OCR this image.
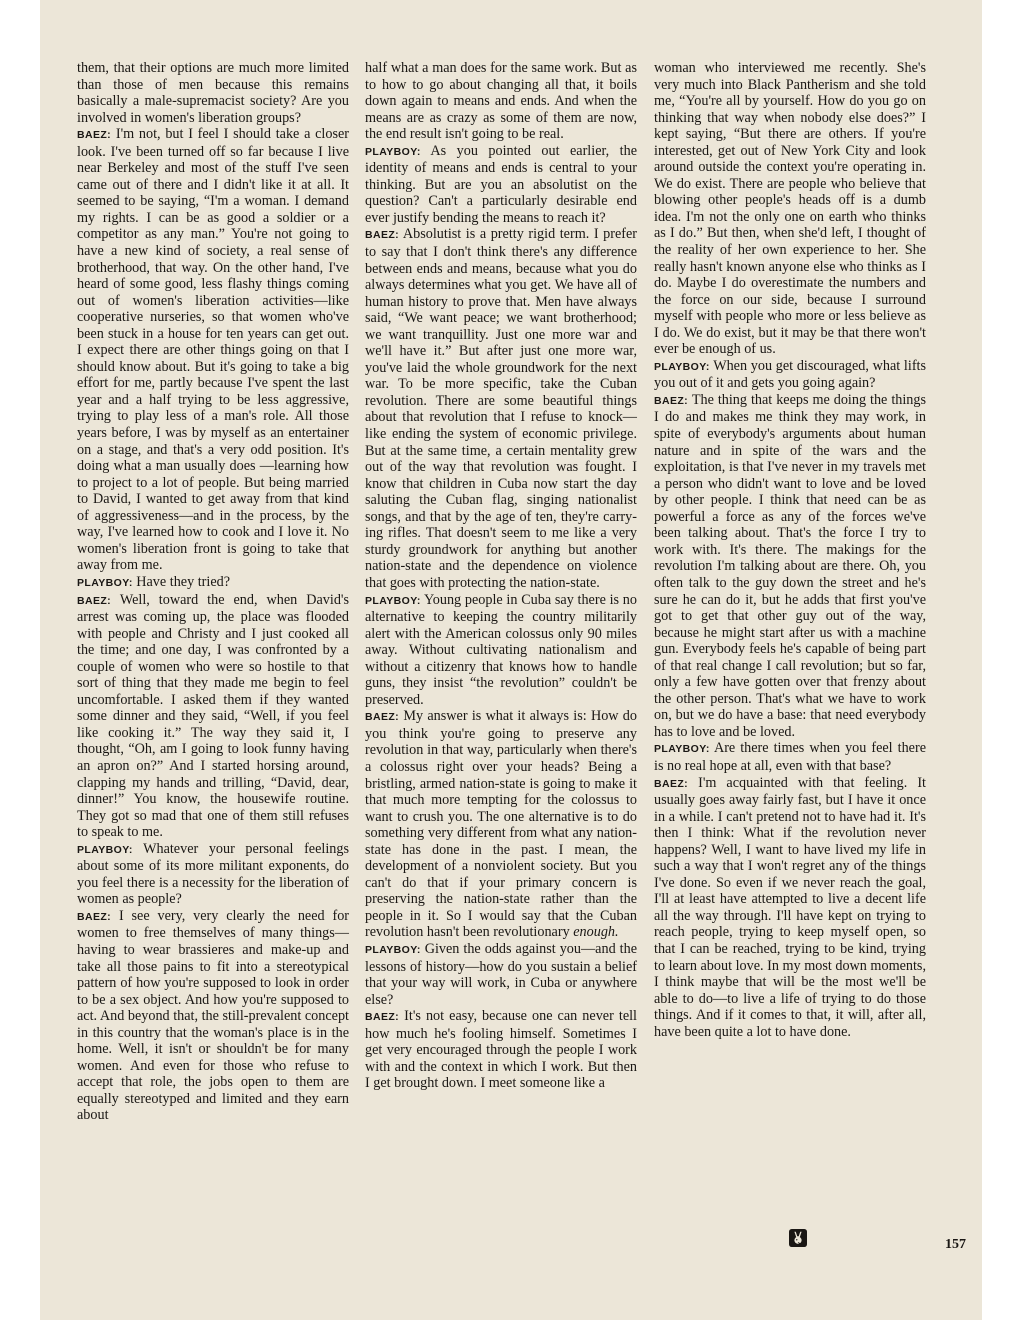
them, that their options are much more limited than those of men because this remains basically a male-supremacist society? Are you involved in women's liberation groups?

BAEZ: I'm not, but I feel I should take a closer look. I've been turned off so far because I live near Berkeley and most of the stuff I've seen came out of there and I didn't like it at all. It seemed to be saying, “I'm a woman. I demand my rights. I can be as good a soldier or a competitor as any man.” You're not going to have a new kind of society, a real sense of brotherhood, that way. On the other hand, I've heard of some good, less flashy things coming out of women's liberation activities—like cooperative nurseries, so that women who've been stuck in a house for ten years can get out. I expect there are other things going on that I should know about. But it's going to take a big effort for me, partly because I've spent the last year and a half trying to be less aggressive, trying to play less of a man's role. All those years before, I was by myself as an entertainer on a stage, and that's a very odd position. It's doing what a man usually does —learning how to project to a lot of people. But being married to David, I wanted to get away from that kind of aggressiveness—and in the process, by the way, I've learned how to cook and I love it. No women's liberation front is going to take that away from me.

PLAYBOY: Have they tried?

BAEZ: Well, toward the end, when David's arrest was coming up, the place was flooded with people and Christy and I just cooked all the time; and one day, I was confronted by a couple of women who were so hostile to that sort of thing that they made me begin to feel uncomfortable. I asked them if they wanted some dinner and they said, “Well, if you feel like cooking it.” The way they said it, I thought, “Oh, am I going to look funny having an apron on?” And I started horsing around, clapping my hands and trilling, “David, dear, dinner!” You know, the housewife routine. They got so mad that one of them still refuses to speak to me.

PLAYBOY: Whatever your personal feelings about some of its more militant exponents, do you feel there is a necessity for the liberation of women as people?

BAEZ: I see very, very clearly the need for women to free themselves of many things—having to wear brassieres and make-up and take all those pains to fit into a stereotypical pattern of how you're supposed to look in order to be a sex object. And how you're supposed to act. And beyond that, the still-prevalent concept in this country that the woman's place is in the home. Well, it isn't or shouldn't be for many women. And even for those who refuse to accept that role, the jobs open to them are equally stereotyped and limited and they earn about

half what a man does for the same work. But as to how to go about changing all that, it boils down again to means and ends. And when the means are as crazy as some of them are now, the end result isn't going to be real.

PLAYBOY: As you pointed out earlier, the identity of means and ends is central to your thinking. But are you an absolutist on the question? Can't a particularly desirable end ever justify bending the means to reach it?

BAEZ: Absolutist is a pretty rigid term. I prefer to say that I don't think there's any difference between ends and means, because what you do always determines what you get. We have all of human history to prove that. Men have always said, “We want peace; we want brotherhood; we want tranquillity. Just one more war and we'll have it.” But after just one more war, you've laid the whole groundwork for the next war. To be more specific, take the Cuban revolution. There are some beautiful things about that revolution that I refuse to knock—like ending the system of economic privilege. But at the same time, a certain mentality grew out of the way that revolution was fought. I know that children in Cuba now start the day saluting the Cuban flag, singing nationalist songs, and that by the age of ten, they're carrying rifles. That doesn't seem to me like a very sturdy groundwork for anything but another nation-state and the dependence on violence that goes with protecting the nation-state.

PLAYBOY: Young people in Cuba say there is no alternative to keeping the country militarily alert with the American colossus only 90 miles away. Without cultivating nationalism and without a citizenry that knows how to handle guns, they insist “the revolution” couldn't be preserved.

BAEZ: My answer is what it always is: How do you think you're going to preserve any revolution in that way, particularly when there's a colossus right over your heads? Being a bristling, armed nation-state is going to make it that much more tempting for the colossus to want to crush you. The one alternative is to do something very different from what any nation-state has done in the past. I mean, the development of a nonviolent society. But you can't do that if your primary concern is preserving the nation-state rather than the people in it. So I would say that the Cuban revolution hasn't been revolutionary enough.

PLAYBOY: Given the odds against you—and the lessons of history—how do you sustain a belief that your way will work, in Cuba or anywhere else?

BAEZ: It's not easy, because one can never tell how much he's fooling himself. Sometimes I get very encouraged through the people I work with and the context in which I work. But then I get brought down. I meet someone like a

woman who interviewed me recently. She's very much into Black Pantherism and she told me, “You're all by yourself. How do you go on thinking that way when nobody else does?” I kept saying, “But there are others. If you're interested, get out of New York City and look around outside the context you're operating in. We do exist. There are people who believe that blowing other people's heads off is a dumb idea. I'm not the only one on earth who thinks as I do.” But then, when she'd left, I thought of the reality of her own experience to her. She really hasn't known anyone else who thinks as I do. Maybe I do overestimate the numbers and the force on our side, because I surround myself with people who more or less believe as I do. We do exist, but it may be that there won't ever be enough of us.

PLAYBOY: When you get discouraged, what lifts you out of it and gets you going again?

BAEZ: The thing that keeps me doing the things I do and makes me think they may work, in spite of everybody's arguments about human nature and in spite of the wars and the exploitation, is that I've never in my travels met a person who didn't want to love and be loved by other people. I think that need can be as powerful a force as any of the forces we've been talking about. That's the force I try to work with. It's there. The makings for the revolution I'm talking about are there. Oh, you often talk to the guy down the street and he's sure he can do it, but he adds that first you've got to get that other guy out of the way, because he might start after us with a machine gun. Everybody feels he's capable of being part of that real change I call revolution; but so far, only a few have gotten over that frenzy about the other person. That's what we have to work on, but we do have a base: that need everybody has to love and be loved.

PLAYBOY: Are there times when you feel there is no real hope at all, even with that base?

BAEZ: I'm acquainted with that feeling. It usually goes away fairly fast, but I have it once in a while. I can't pretend not to have had it. It's then I think: What if the revolution never happens? Well, I want to have lived my life in such a way that I won't regret any of the things I've done. So even if we never reach the goal, I'll at least have attempted to live a decent life all the way through. I'll have kept on trying to reach people, trying to keep myself open, so that I can be reached, trying to be kind, trying to learn about love. In my most down moments, I think maybe that will be the most we'll be able to do—to live a life of trying to do those things. And if it comes to that, it will, after all, have been quite a lot to have done.

157
